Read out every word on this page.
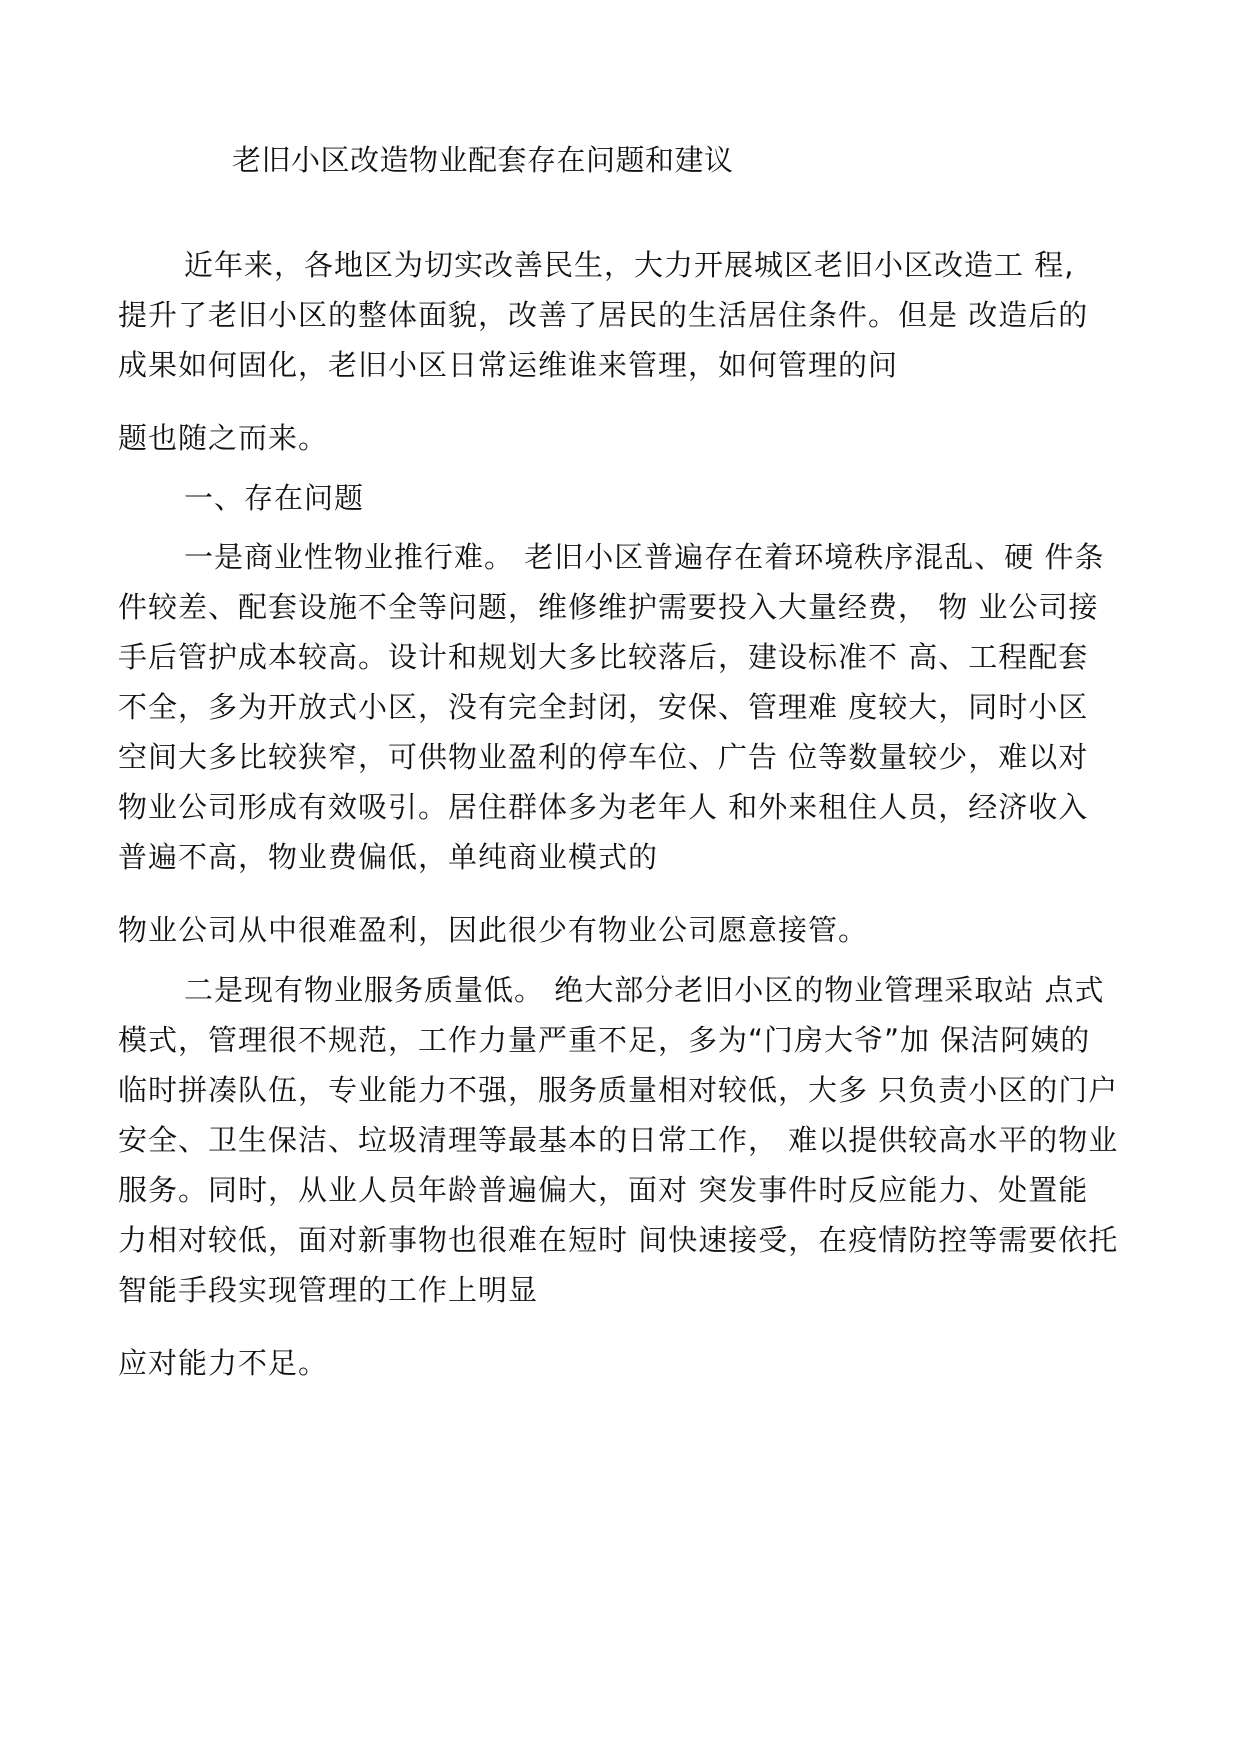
老旧小区改造物业配套存在问题和建议
近年来，各地区为切实改善民生，大力开展城区老旧小区改造工 程,
提升了老旧小区的整体面貌，改善了居民的生活居住条件。但是 改造后的
成果如何固化，老旧小区日常运维谁来管理，如何管理的问
题也随之而来。
一、存在问题
一是商业性物业推行难。 老旧小区普遍存在着环境秩序混乱、硬 件条
件较差、配套设施不全等问题，维修维护需要投入大量经费， 物 业公司接
手后管护成本较高。设计和规划大多比较落后，建设标准不 高、工程配套
不全，多为开放式小区，没有完全封闭，安保、管理难 度较大，同时小区
空间大多比较狭窄，可供物业盈利的停车位、广告 位等数量较少，难以对
物业公司形成有效吸引。居住群体多为老年人 和外来租住人员，经济收入
普遍不高，物业费偏低，单纯商业模式的
物业公司从中很难盈利，因此很少有物业公司愿意接管。
二是现有物业服务质量低。 绝大部分老旧小区的物业管理采取站 点式
模式，管理很不规范，工作力量严重不足，多为“门房大爷”加 保洁阿姨的
临时拼凑队伍，专业能力不强，服务质量相对较低，大多 只负责小区的门户
安全、卫生保洁、垃圾清理等最基本的日常工作， 难以提供较高水平的物业
服务。同时，从业人员年龄普遍偏大，面对 突发事件时反应能力、处置能
力相对较低，面对新事物也很难在短时 间快速接受，在疫情防控等需要依托
智能手段实现管理的工作上明显
应对能力不足。
